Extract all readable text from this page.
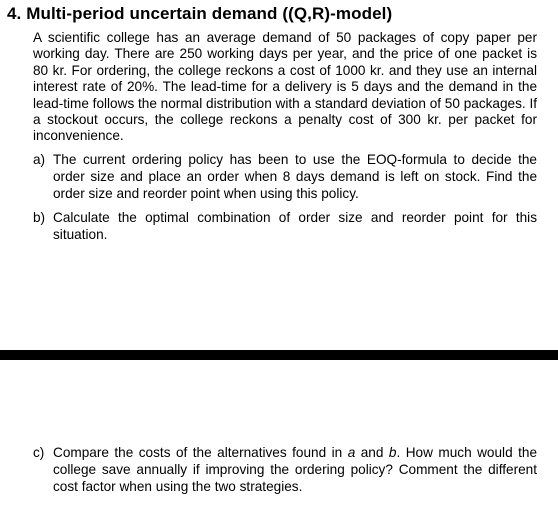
4. Multi-period uncertain demand ((Q,R)-model)

A scientific college has an average demand of 50 packages of copy paper per working day. There are 250 working days per year, and the price of one packet is 80 kr. For ordering, the college reckons a cost of 1000 kr. and they use an internal interest rate of 20%. The lead-time for a delivery is 5 days and the demand in the lead-time follows the normal distribution with a standard deviation of 50 packages. If a stockout occurs, the college reckons a penalty cost of 300 kr. per packet for inconvenience.

a) The current ordering policy has been to use the EOQ-formula to decide the order size and place an order when 8 days demand is left on stock. Find the order size and reorder point when using this policy.
b) Calculate the optimal combination of order size and reorder point for this situation.
c) Compare the costs of the alternatives found in a and b. How much would the college save annually if improving the ordering policy? Comment the different cost factor when using the two strategies.
